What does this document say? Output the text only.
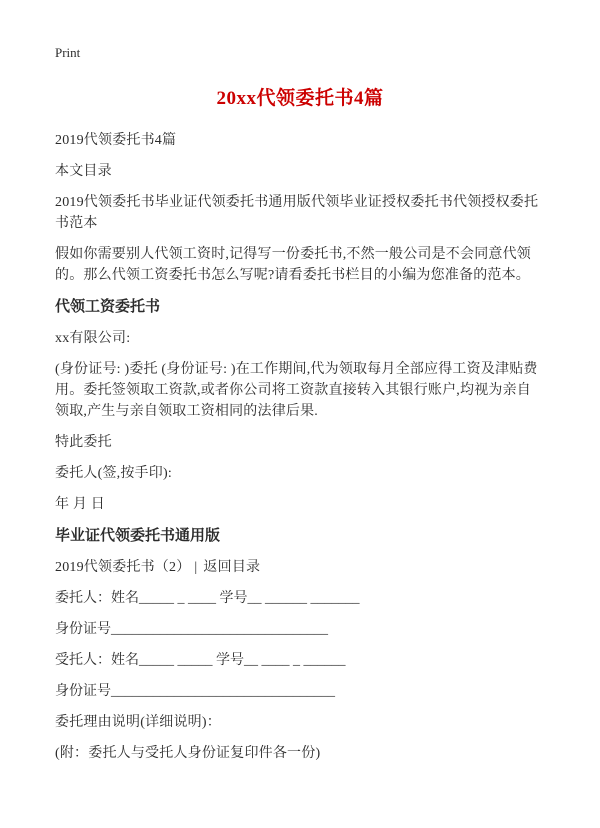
Print
20xx代领委托书4篇

2019代领委托书4篇

本文目录

2019代领委托书毕业证代领委托书通用版代领毕业证授权委托书代领授权委托书范本

假如你需要别人代领工资时,记得写一份委托书,不然一般公司是不会同意代领的。那么代领工资委托书怎么写呢?请看委托书栏目的小编为您准备的范本。

代领工资委托书

xx有限公司:

(身份证号: )委托 (身份证号: )在工作期间,代为领取每月全部应得工资及津贴费用。委托签领取工资款,或者你公司将工资款直接转入其银行账户,均视为亲自领取,产生与亲自领取工资相同的法律后果.

特此委托

委托人(签,按手印):

年 月 日

毕业证代领委托书通用版

2019代领委托书（2） | 返回目录

委托人：姓名_____ _ ____ 学号__ ______ _______

身份证号_______________________________

受托人：姓名_____ _____ 学号__ ____ _ ______

身份证号________________________________

委托理由说明(详细说明)：

(附：委托人与受托人身份证复印件各一份)
